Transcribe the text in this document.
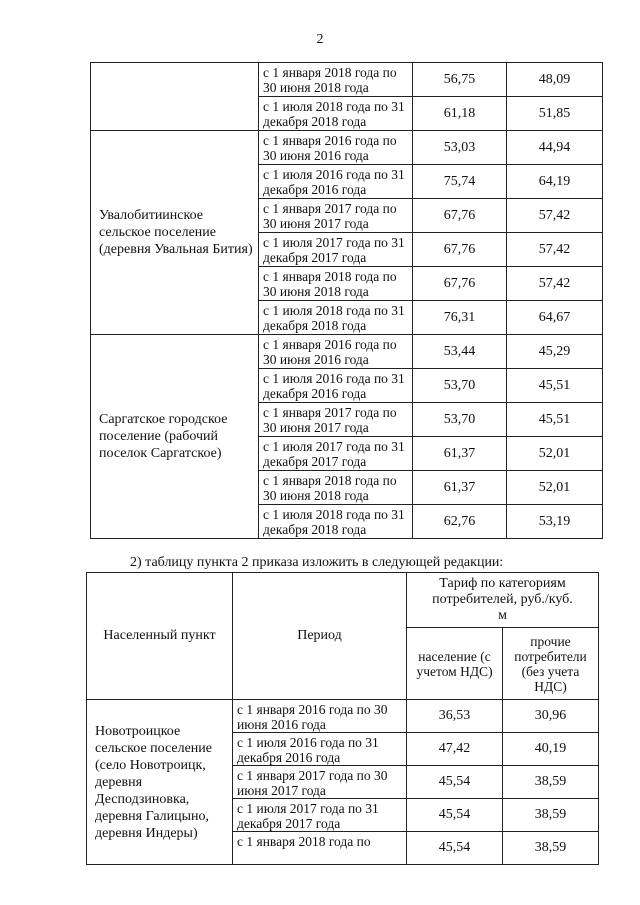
2
	с 1 января 2018 года по 30 июня 2018 года	56,75	48,09
	с 1 июля 2018 года по 31 декабря 2018 года	61,18	51,85
Увалобитиинское сельское поселение (деревня Увальная Бития)	с 1 января 2016 года по 30 июня 2016 года	53,03	44,94
	с 1 июля 2016 года по 31 декабря 2016 года	75,74	64,19
	с 1 января 2017 года по 30 июня 2017 года	67,76	57,42
	с 1 июля 2017 года по 31 декабря 2017 года	67,76	57,42
	с 1 января 2018 года по 30 июня 2018 года	67,76	57,42
	с 1 июля 2018 года по 31 декабря 2018 года	76,31	64,67
Саргатское городское поселение (рабочий поселок Саргатское)	с 1 января 2016 года по 30 июня 2016 года	53,44	45,29
	с 1 июля 2016 года по 31 декабря 2016 года	53,70	45,51
	с 1 января 2017 года по 30 июня 2017 года	53,70	45,51
	с 1 июля 2017 года по 31 декабря 2017 года	61,37	52,01
	с 1 января 2018 года по 30 июня 2018 года	61,37	52,01
	с 1 июля 2018 года по 31 декабря 2018 года	62,76	53,19
2) таблицу пункта 2 приказа изложить в следующей редакции:
Населенный пункт	Период	Тариф по категориям потребителей, руб./куб. м	
		население (с учетом НДС)	прочие потребители (без учета НДС)
Новотроицкое сельское поселение (село Новотроицк, деревня Десподзиновка, деревня Галицыно, деревня Индеры)	с 1 января 2016 года по 30 июня 2016 года	36,53	30,96
	с 1 июля 2016 года по 31 декабря 2016 года	47,42	40,19
	с 1 января 2017 года по 30 июня 2017 года	45,54	38,59
	с 1 июля 2017 года по 31 декабря 2017 года	45,54	38,59
	с 1 января 2018 года по	45,54	38,59
